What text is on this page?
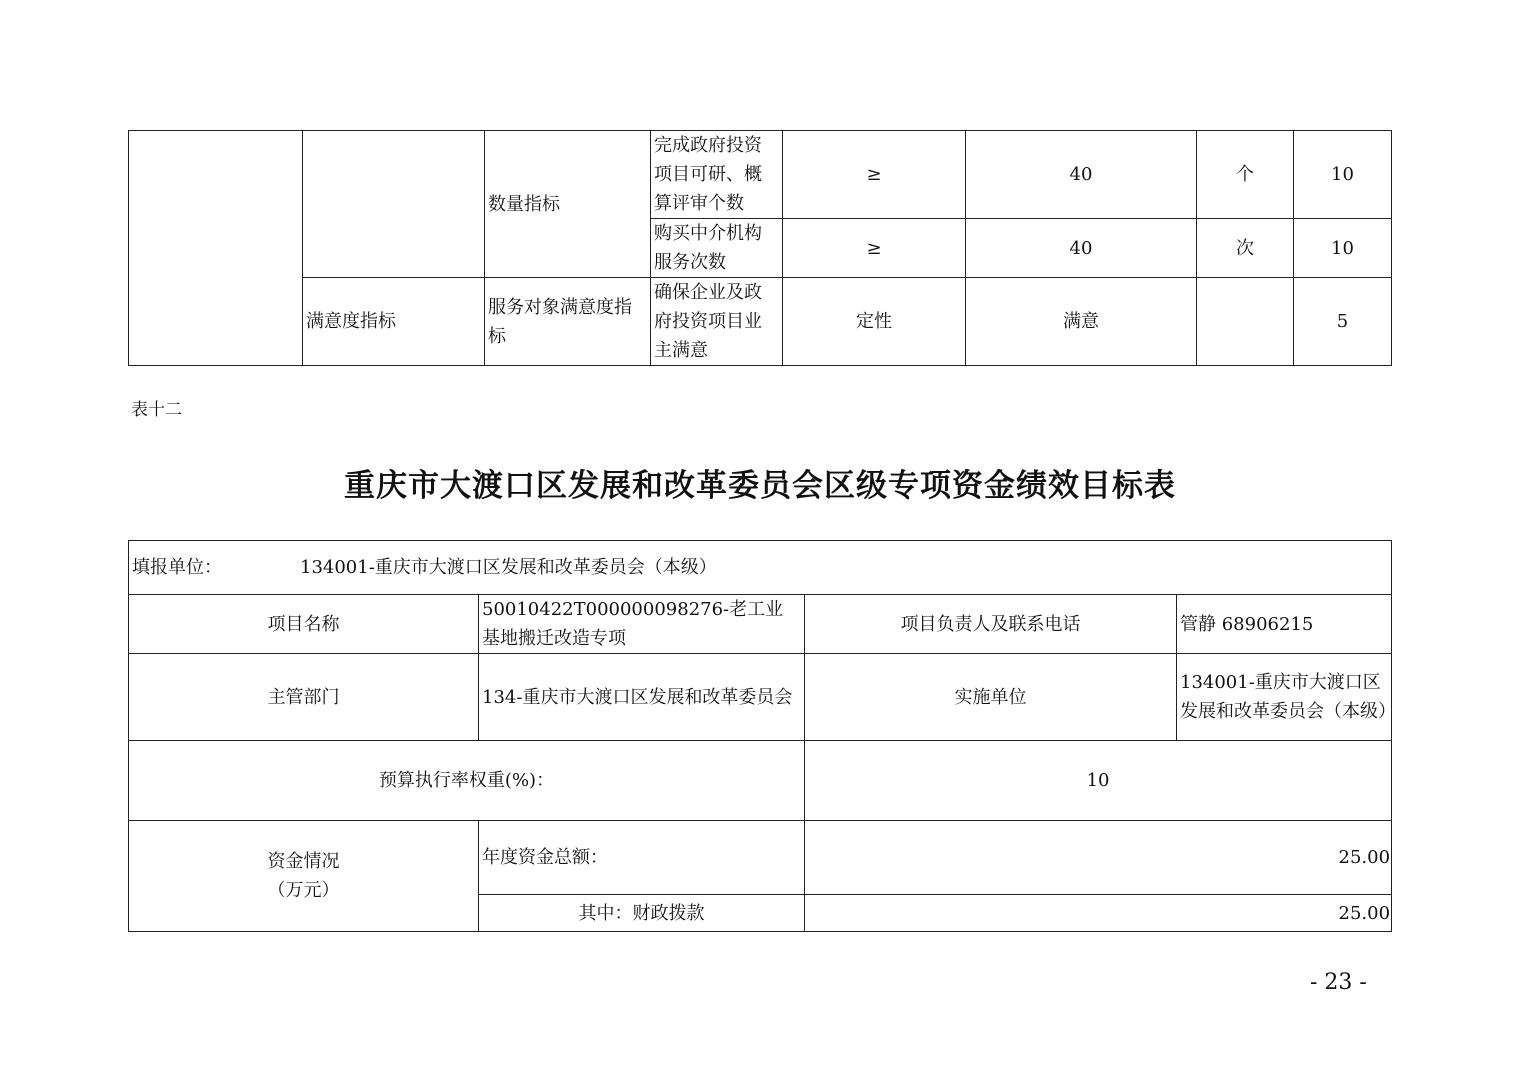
		数量指标	完成政府投资项目可研、概算评审个数	≥	40	个	10
			购买中介机构服务次数	≥	40	次	10
	满意度指标	服务对象满意度指标	确保企业及政府投资项目业主满意	定性	满意		5
表十二
重庆市大渡口区发展和改革委员会区级专项资金绩效目标表
填报单位： 134001-重庆市大渡口区发展和改革委员会（本级）			
项目名称	50010422T000000098276-老工业基地搬迁改造专项	项目负责人及联系电话	管静 68906215
主管部门	134-重庆市大渡口区发展和改革委员会	实施单位	134001-重庆市大渡口区发展和改革委员会（本级）
预算执行率权重(%)：		10	

资金情况
（万元）	年度资金总额：	25.00	
	其中：财政拨款	25.00	
- 23 -
